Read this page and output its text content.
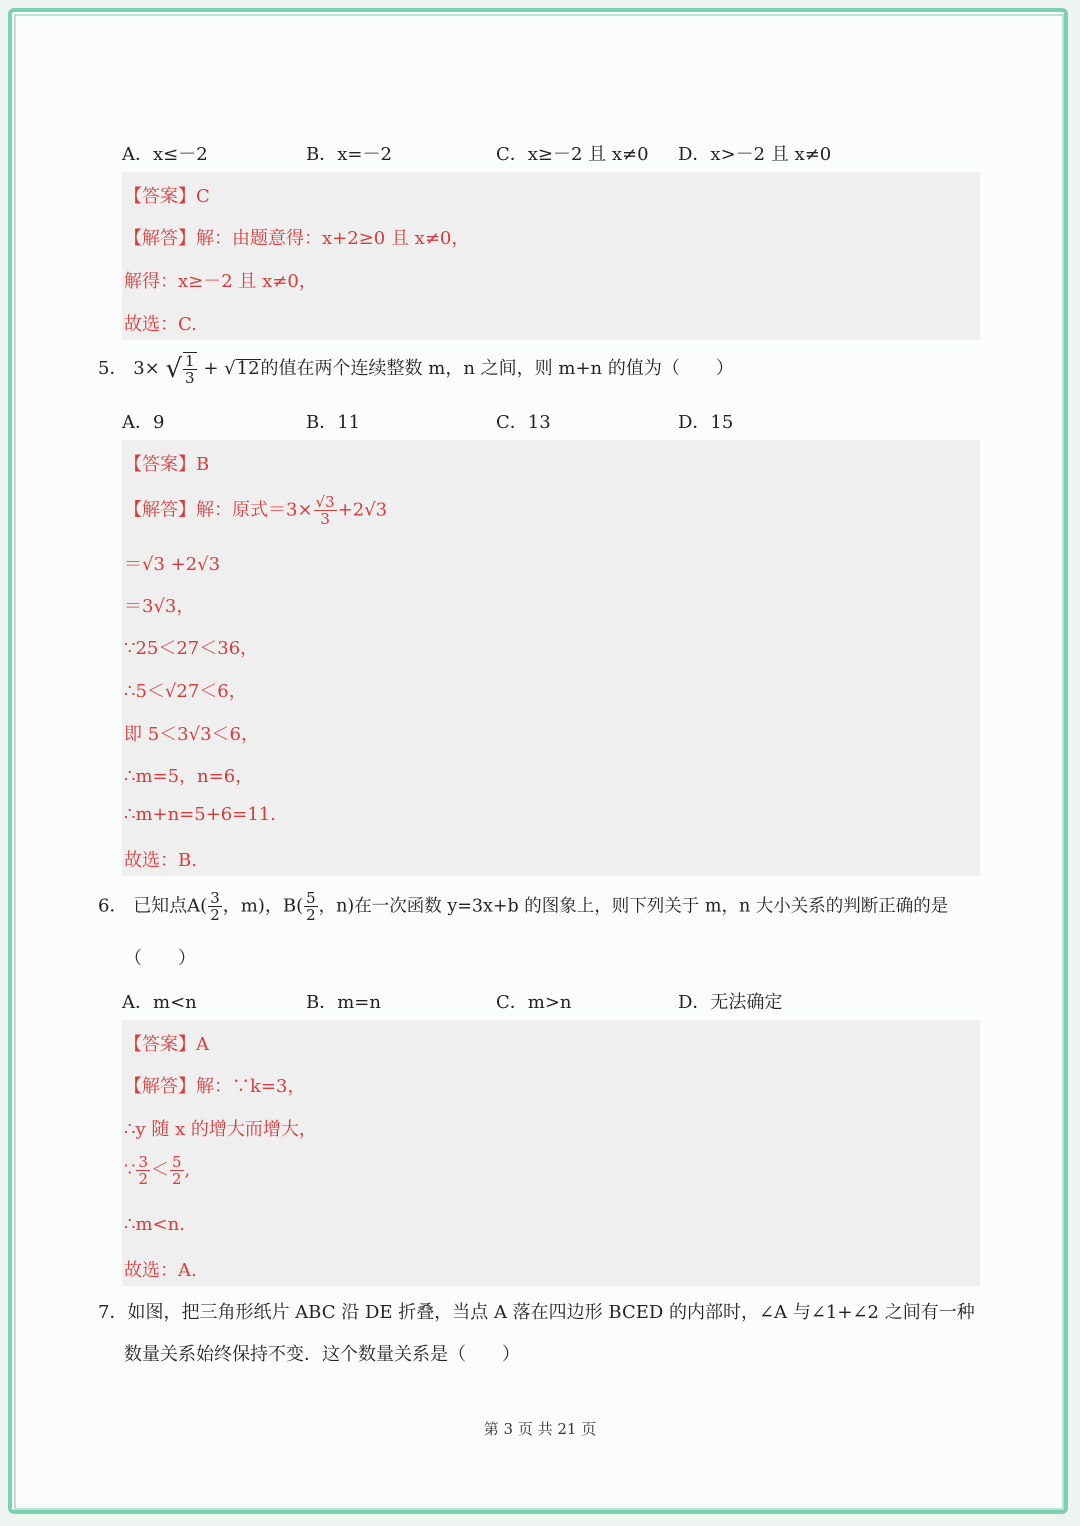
A．x≤－2	B．x=－2	C．x≥－2 且 x≠0 D．x>－2 且 x≠0
【答案】C
【解答】解：由题意得：x+2≥0 且 x≠0，
解得：x≥－2 且 x≠0，
故选：C.
5． 3× √ $\frac{1}{3} + √12$的值在两个连续整数 m，n 之间，则 m+n 的值为（　　）
A．9	B．11	C．13	D．15
【答案】B
【解答】解：原式$=3\times \frac{√3}{3} +2√3$
＝√3 +2√3
＝3√3，
∵25＜27＜36，
∴5＜√27＜6，
即 5＜3√3＜6，
∴m=5，n=6，
∴m+n=5+6=11.
故选：B.
6． 已知点$A( \frac{3}{2}$ ，m)，$B( \frac{5}{2}$ ，n)在一次函数 y=3x+b 的图象上，则下列关于 m，n 大小关系的判断正确的是
（　　）
A．m<n	B．m=n	C．m>n	D．无法确定
【答案】A
【解答】解：∵k=3，
∴y 随 x 的增大而增大，
∵ $\frac{3}{2} < \frac{5}{2}$ ,
∴m<n.
故选：A.
7．如图，把三角形纸片 ABC 沿 DE 折叠，当点 A 落在四边形 BCED 的内部时，∠A 与∠1+∠2 之间有一种
数量关系始终保持不变．这个数量关系是（　　）
第 3 页 共 21 页
